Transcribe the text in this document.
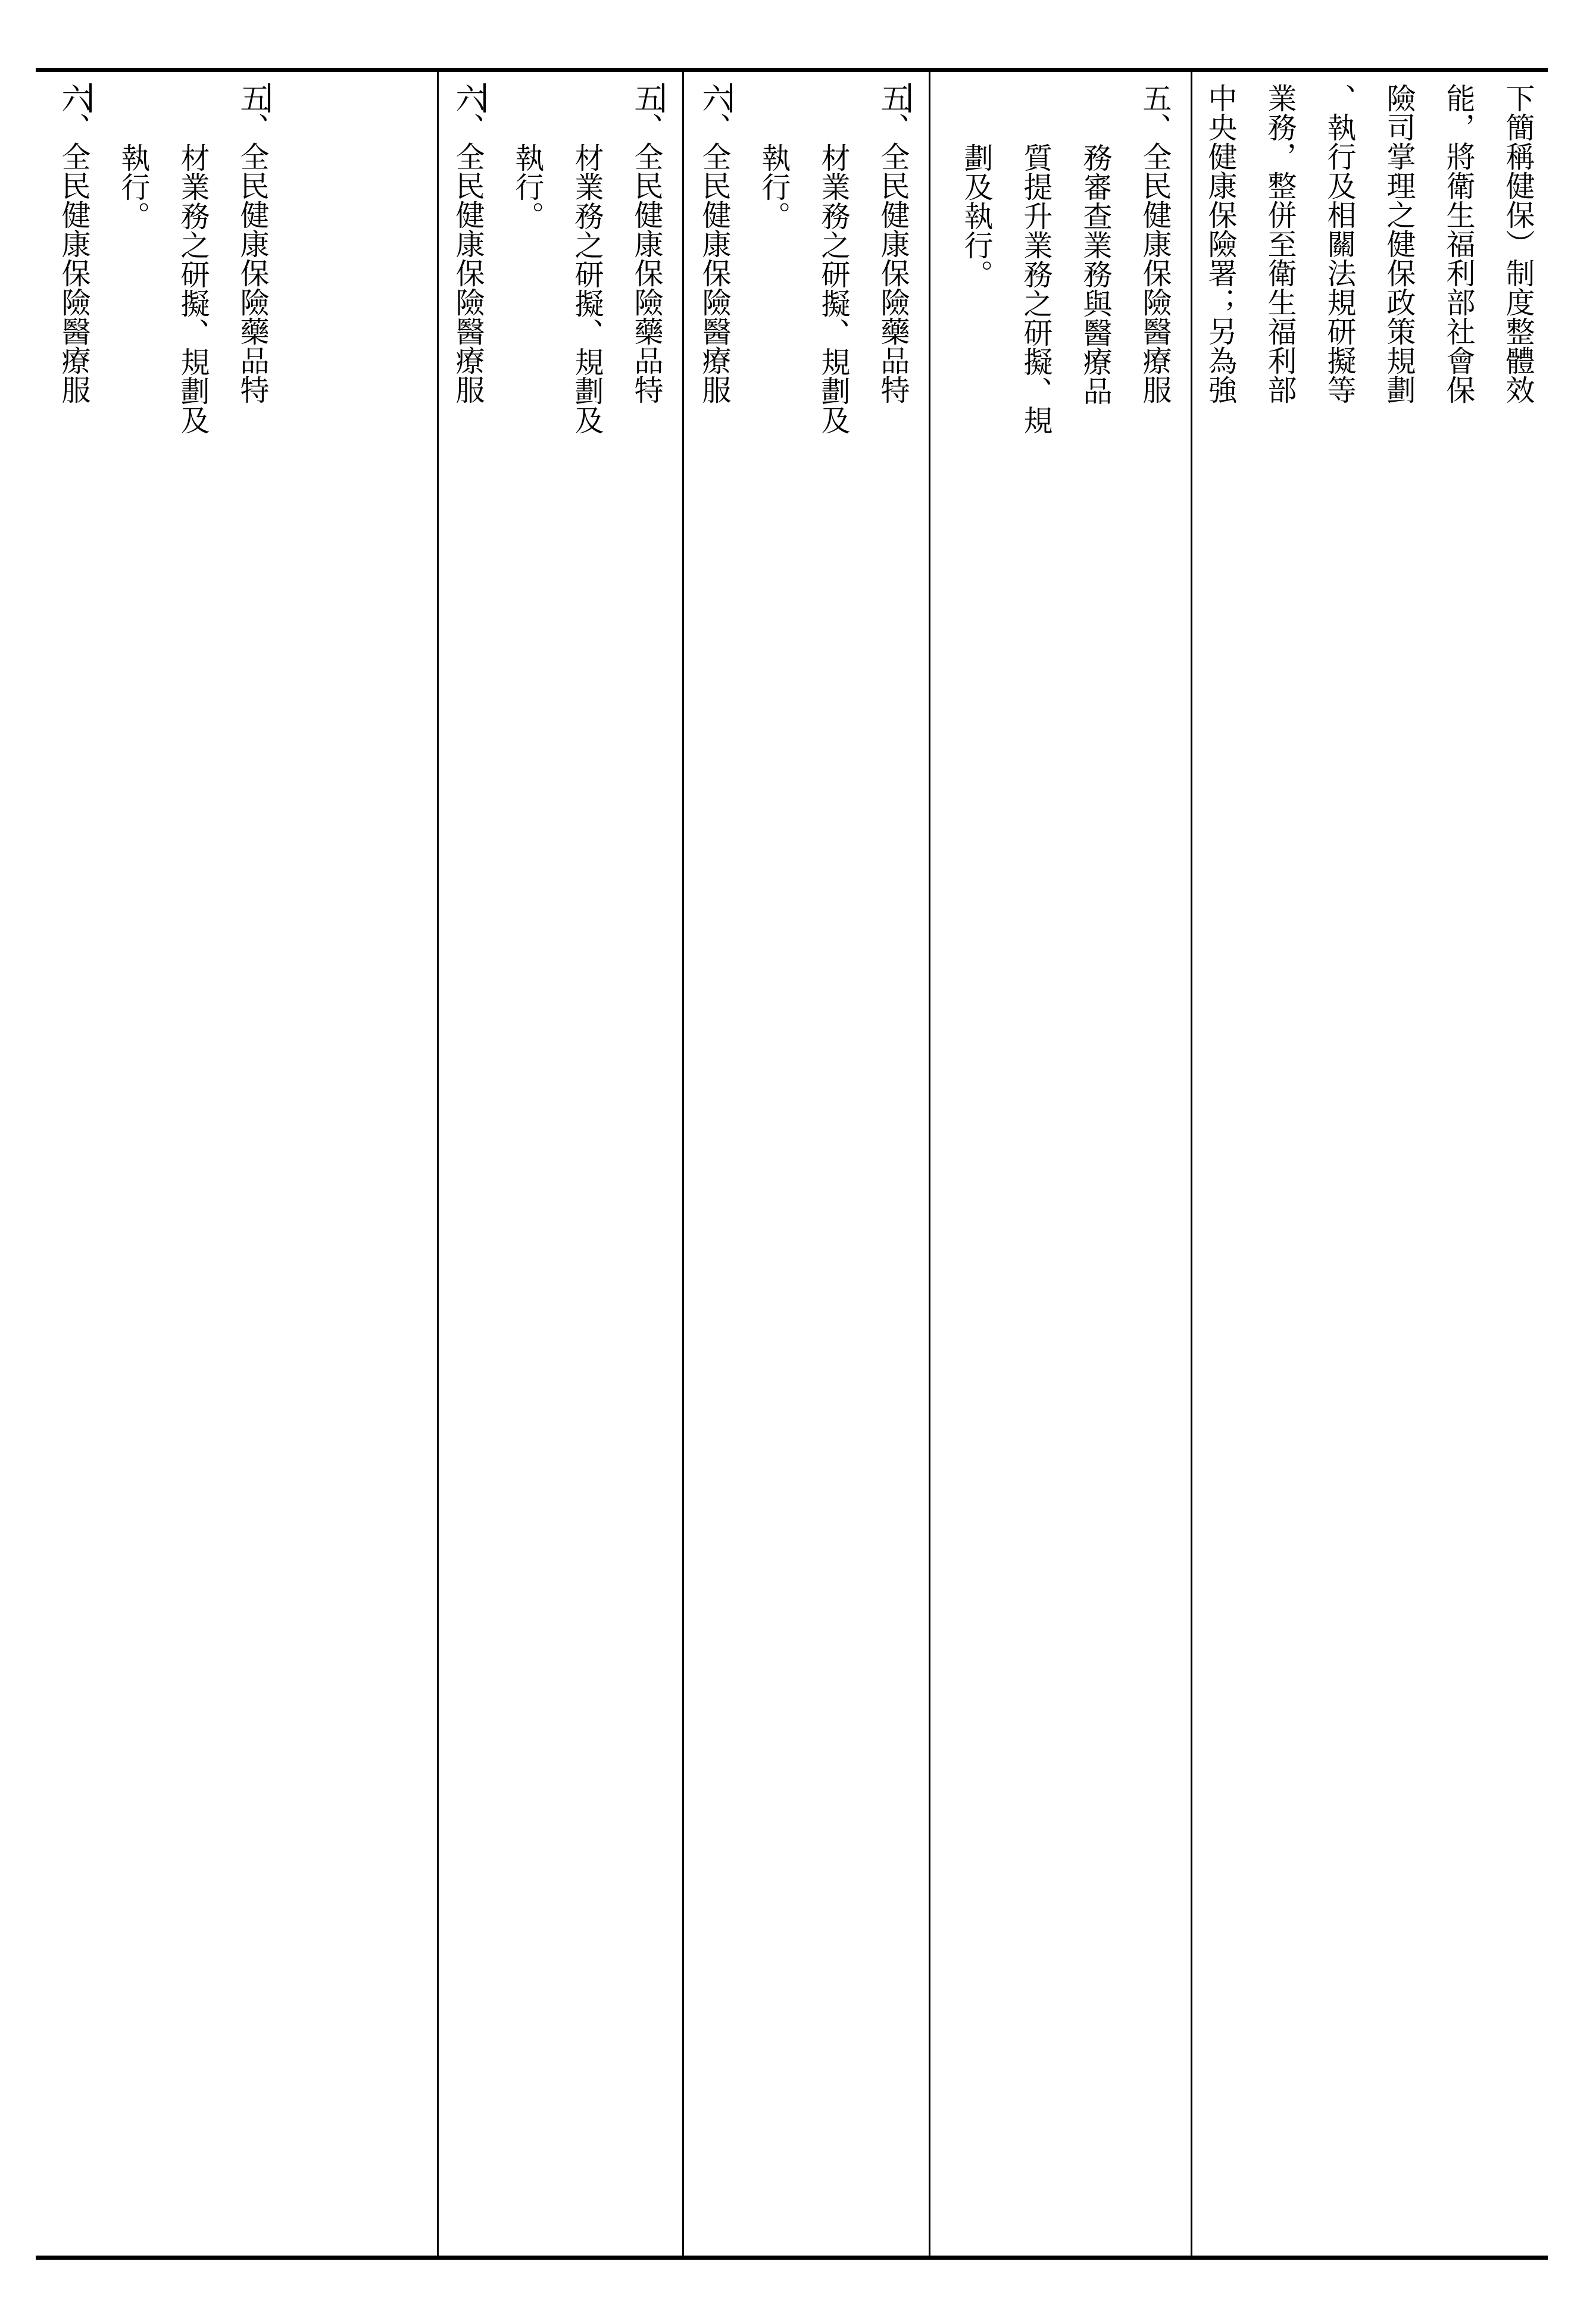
下簡稱健保）制度整體效
能，將衛生福利部社會保
險司掌理之健保政策規劃
、執行及相關法規研擬等
業務，整併至衛生福利部
中央健康保險署；另為強
五、全民健康保險醫療服
務審查業務與醫療品
質提升業務之研擬、規
劃及執行。
五、全民健康保險藥品特
材業務之研擬、規劃及
執行。
六、全民健康保險醫療服
五、全民健康保險藥品特
材業務之研擬、規劃及
執行。
六、全民健康保險醫療服
五、全民健康保險藥品特
材業務之研擬、規劃及
執行。
六、全民健康保險醫療服
